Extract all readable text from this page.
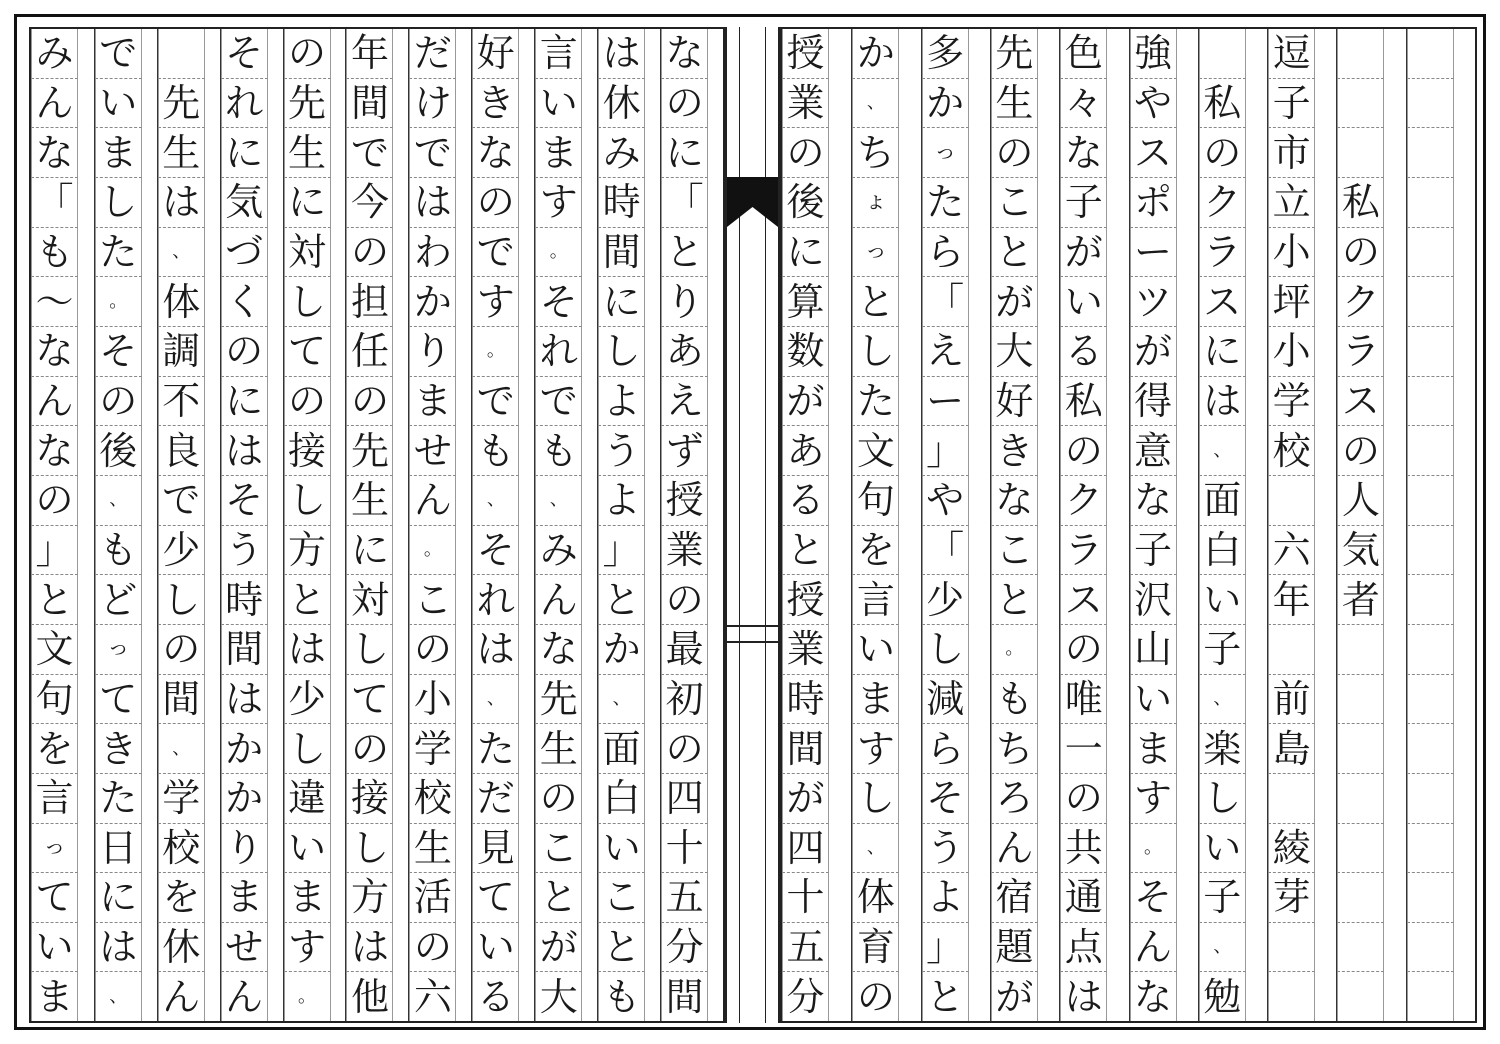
私
の
ク
ラ
ス
の
人
気
者
逗
子
市
立
小
坪
小
学
校

六
年

前
島

綾
芽

私
の
ク
ラ
ス
に
は
、
面
白
い
子
、
楽
し
い
子
、
勉
強
や
ス
ポ
ー
ツ
が
得
意
な
子
沢
山
い
ま
す
。
そ
ん
な
色
々
な
子
が
い
る
私
の
ク
ラ
ス
の
唯
一
の
共
通
点
は
先
生
の
こ
と
が
大
好
き
な
こ
と
。
も
ち
ろ
ん
宿
題
が
多
か
っ
た
ら
「
え
ー
」
や
「
少
し
減
ら
そ
う
よ
」
と
か
、
ち
ょ
っ
と
し
た
文
句
を
言
い
ま
す
し
、
体
育
の
授
業
の
後
に
算
数
が
あ
る
と
授
業
時
間
が
四
十
五
分
な
の
に
「
と
り
あ
え
ず
授
業
の
最
初
の
四
十
五
分
間
は
休
み
時
間
に
し
よ
う
よ
」
と
か
、
面
白
い
こ
と
も
言
い
ま
す
。
そ
れ
で
も
、
み
ん
な
先
生
の
こ
と
が
大
好
き
な
の
で
す
。
で
も
、
そ
れ
は
、
た
だ
見
て
い
る
だ
け
で
は
わ
か
り
ま
せ
ん
。
こ
の
小
学
校
生
活
の
六
年
間
で
今
の
担
任
の
先
生
に
対
し
て
の
接
し
方
は
他
の
先
生
に
対
し
て
の
接
し
方
と
は
少
し
違
い
ま
す
。
そ
れ
に
気
づ
く
の
に
は
そ
う
時
間
は
か
か
り
ま
せ
ん

先
生
は
、
体
調
不
良
で
少
し
の
間
、
学
校
を
休
ん
で
い
ま
し
た
。
そ
の
後
、
も
ど
っ
て
き
た
日
に
は
、
み
ん
な
「
も
～
な
ん
な
の
」
と
文
句
を
言
っ
て
い
ま
